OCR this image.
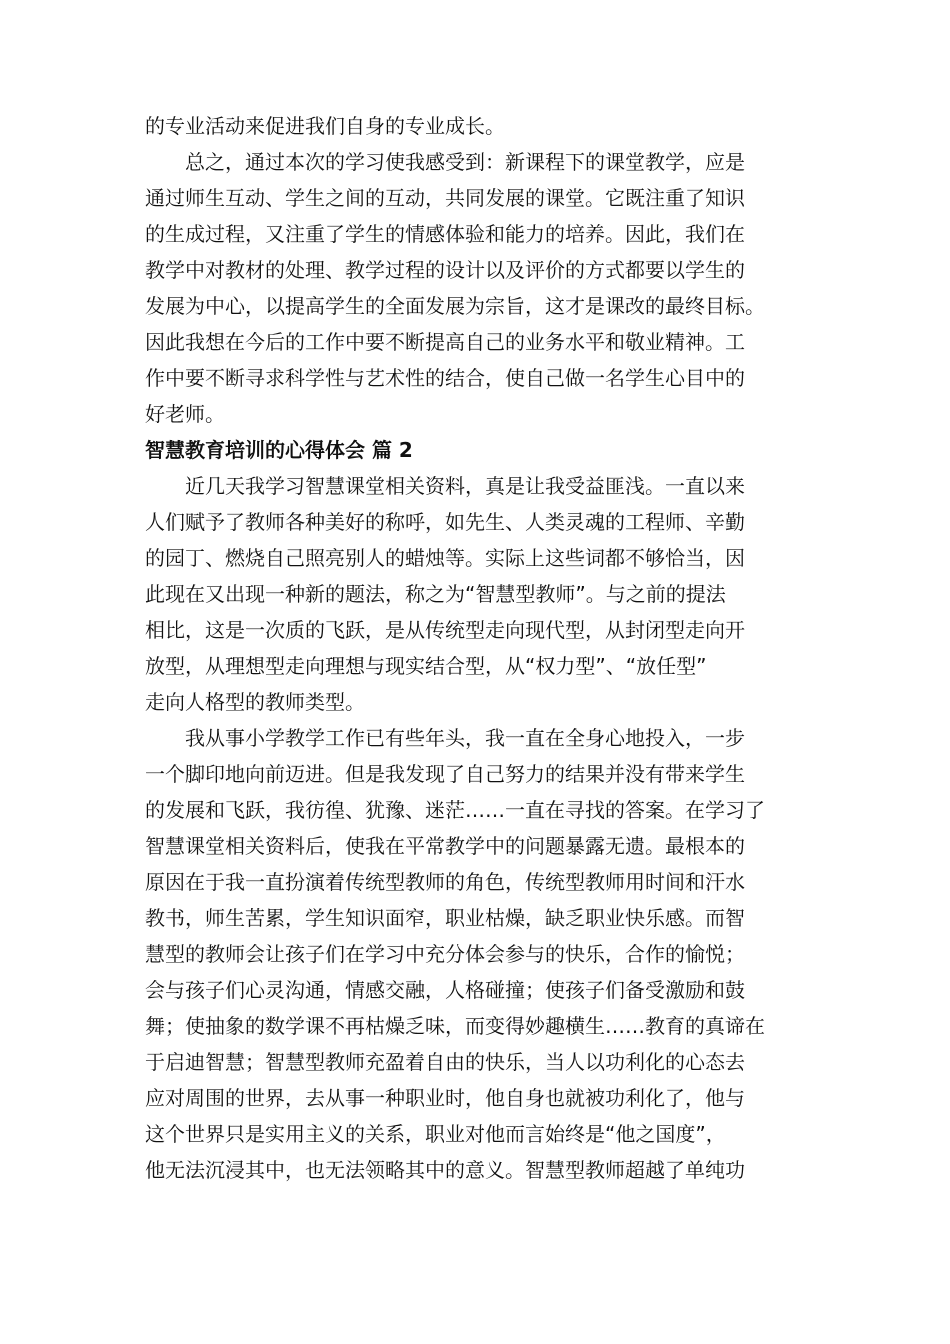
的专业活动来促进我们自身的专业成长。
总之，通过本次的学习使我感受到：新课程下的课堂教学，应是
通过师生互动、学生之间的互动，共同发展的课堂。它既注重了知识
的生成过程，又注重了学生的情感体验和能力的培养。因此，我们在
教学中对教材的处理、教学过程的设计以及评价的方式都要以学生的
发展为中心，以提高学生的全面发展为宗旨，这才是课改的最终目标。
因此我想在今后的工作中要不断提高自己的业务水平和敬业精神。工
作中要不断寻求科学性与艺术性的结合，使自己做一名学生心目中的
好老师。
智慧教育培训的心得体会 篇 2
近几天我学习智慧课堂相关资料，真是让我受益匪浅。一直以来
人们赋予了教师各种美好的称呼，如先生、人类灵魂的工程师、辛勤
的园丁、燃烧自己照亮别人的蜡烛等。实际上这些词都不够恰当，因
此现在又出现一种新的题法，称之为“智慧型教师”。与之前的提法
相比，这是一次质的飞跃，是从传统型走向现代型，从封闭型走向开
放型，从理想型走向理想与现实结合型，从“权力型”、“放任型”
走向人格型的教师类型。
我从事小学教学工作已有些年头，我一直在全身心地投入，一步
一个脚印地向前迈进。但是我发现了自己努力的结果并没有带来学生
的发展和飞跃，我彷徨、犹豫、迷茫……一直在寻找的答案。在学习了
智慧课堂相关资料后，使我在平常教学中的问题暴露无遗。最根本的
原因在于我一直扮演着传统型教师的角色，传统型教师用时间和汗水
教书，师生苦累，学生知识面窄，职业枯燥，缺乏职业快乐感。而智
慧型的教师会让孩子们在学习中充分体会参与的快乐，合作的愉悦；
会与孩子们心灵沟通，情感交融，人格碰撞；使孩子们备受激励和鼓
舞；使抽象的数学课不再枯燥乏味，而变得妙趣横生……教育的真谛在
于启迪智慧；智慧型教师充盈着自由的快乐，当人以功利化的心态去
应对周围的世界，去从事一种职业时，他自身也就被功利化了，他与
这个世界只是实用主义的关系，职业对他而言始终是“他之国度”，
他无法沉浸其中，也无法领略其中的意义。智慧型教师超越了单纯功
